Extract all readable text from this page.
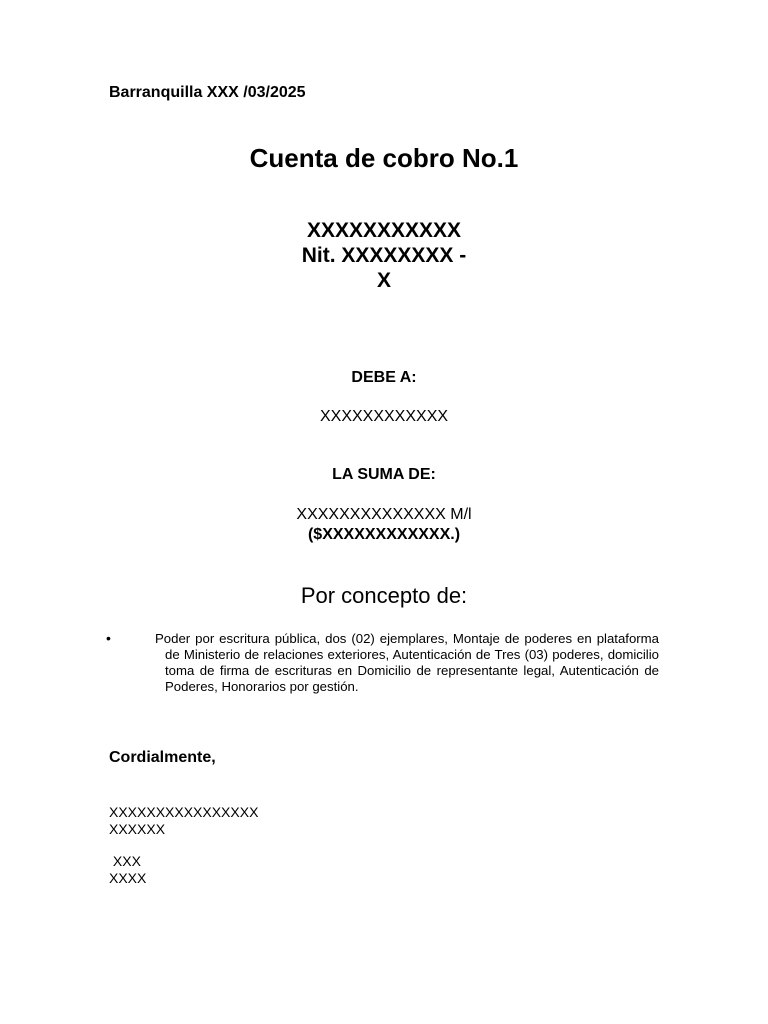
Barranquilla XXX /03/2025
Cuenta de cobro No.1
XXXXXXXXXXX
Nit. XXXXXXXX -
X
DEBE A:
XXXXXXXXXXXX
LA SUMA DE:
XXXXXXXXXXXXXX M/l
($XXXXXXXXXXXX.)
Por concepto de:
•	Poder por escritura pública, dos (02) ejemplares, Montaje de poderes en plataforma de Ministerio de relaciones exteriores, Autenticación de Tres (03) poderes, domicilio toma de firma de escrituras en Domicilio de representante legal, Autenticación de Poderes, Honorarios por gestión.
Cordialmente,
XXXXXXXXXXXXXXXX
XXXXXX
XXX
XXXX
